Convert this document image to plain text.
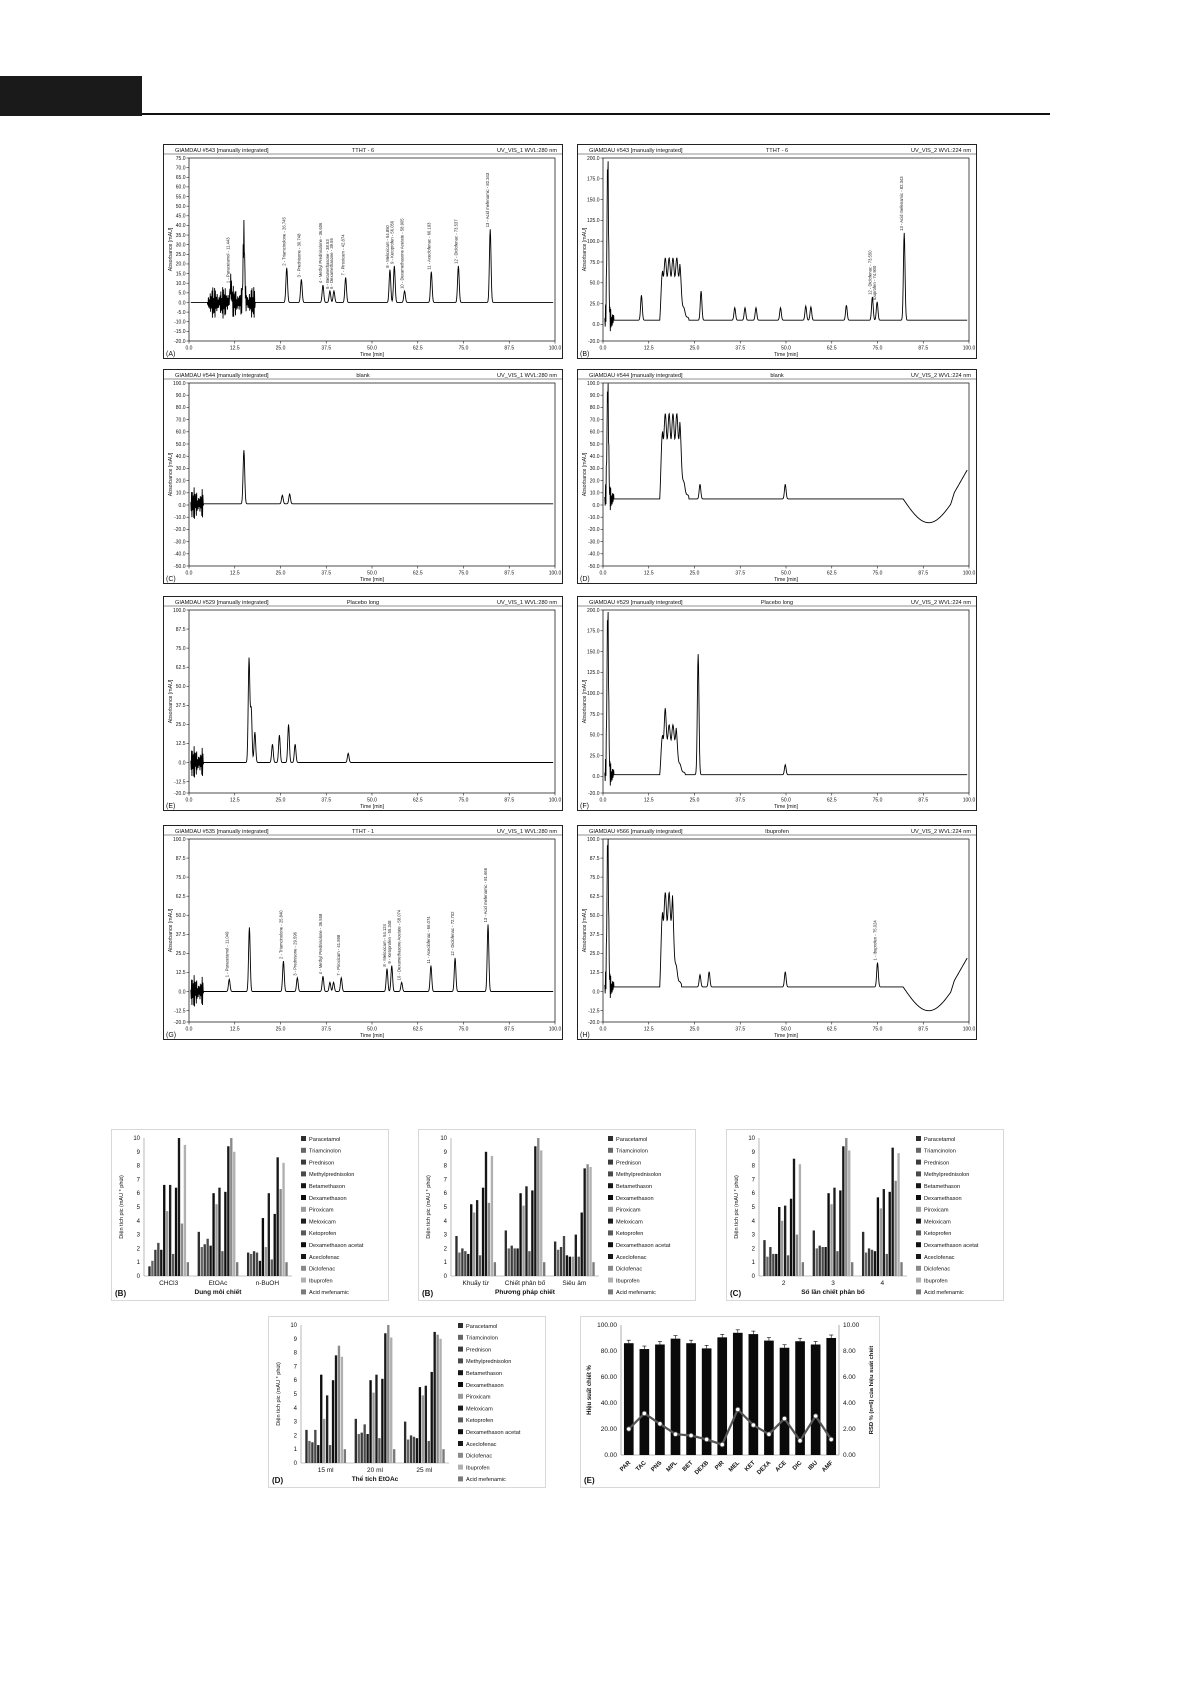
GIAMDAU #543 [manually integrated]	TTHT - 6	UV_VIS_1 WVL:280 nm
-20.0
-15.0
-10.0
-5.0
0.0
5.0
10.0
15.0
20.0
25.0
30.0
35.0
40.0
45.0
50.0
55.0
60.0
65.0
70.0
75.0
0.0	12.5	25.0	37.5	50.0	62.5	75.0	87.5	100.0
Absorbance [mAU]
Time [min]
(A)
1 - Paracetamol - 11.443	2 - Triamcinolone - 26.745 3 - Prednisone - 30.748	4 - Methyl Prednisolone - 36.606 5 - Betamethasone - 38.53 6 - Dexamethasone - 39.55 7 - Piroxicam - 42.874	8 - Meloxicam - 54.850 9 - Ketoprofen - 56.056 10 - Dexamethasone Acetate - 58.905	11 - Aceclofenac - 66.193	12 - Diclofenac - 73.537
13 - Acid mefenamic - 82.343
GIAMDAU #543 [manually integrated]	TTHT - 6	UV_VIS_2 WVL:224 nm
-20.0
0.0
25.0
50.0
75.0
100.0
125.0
150.0
175.0
200.0
0.0	12.5	25.0	37.5	50.0	62.5	75.0	87.5	100.0
Absorbance [mAU]
Time [min]
(B)
12 - Diclofenac - 73.550 Ibuprofen - 74.900
13 - Acid mefenamic - 82.343
GIAMDAU #544 [manually integrated]	blank	UV_VIS_1 WVL:280 nm
-50.0
-40.0
-30.0
-20.0
-10.0
0.0
10.0
20.0
30.0
40.0
50.0
60.0
70.0
80.0
90.0
100.0
0.0	12.5	25.0	37.5	50.0	62.5	75.0	87.5	100.0
Absorbance [mAU]
Time [min]
(C)
GIAMDAU #544 [manually integrated]	blank	UV_VIS_2 WVL:224 nm
-50.0
-40.0
-30.0
-20.0
-10.0
0.0
10.0
20.0
30.0
40.0
50.0
60.0
70.0
80.0
90.0
100.0
0.0	12.5	25.0	37.5	50.0	62.5	75.0	87.5	100.0
Absorbance [mAU]
Time [min]
(D)
GIAMDAU #529 [manually integrated]	Placebo long	UV_VIS_1 WVL:280 nm
-20.0
-12.5
0.0
12.5
25.0
37.5
50.0
62.5
75.0
87.5
100.0
0.0	12.5	25.0	37.5	50.0	62.5	75.0	87.5	100.0
Absorbance [mAU]
Time [min]
(E)
GIAMDAU #529 [manually integrated]	Placebo long	UV_VIS_2 WVL:224 nm
-20.0
0.0
25.0
50.0
75.0
100.0
125.0
150.0
175.0
200.0
0.0	12.5	25.0	37.5	50.0	62.5	75.0	87.5	100.0
Absorbance [mAU]
Time [min]
(F)
GIAMDAU #535 [manually integrated]	TTHT - 1	UV_VIS_1 WVL:280 nm
-20.0
-12.5
0.0
12.5
25.0
37.5
50.0
62.5
75.0
87.5
100.0
0.0	12.5	25.0	37.5	50.0	62.5	75.0	87.5	100.0
Absorbance [mAU]
Time [min]
(G)
1 - Paracetamol - 11.049	2 - Triamcinolone - 25.840 3 - Prednisone - 29.596	4 - Methyl Prednisolone - 36.558	7 - Piroxicam - 41.598	8 - Meloxicam - 54.124 9 - Ketoprofen - 55.348 10 - Dexamethasone Acetate - 58.074	11 - Aceclofenac - 66.074	12 - Diclofenac - 72.702
13 - Acid mefenamic - 81.666
GIAMDAU #566 [manually integrated]	Ibuprofen	UV_VIS_2 WVL:224 nm
-20.0
-12.5
0.0
12.5
25.0
37.5
50.0
62.5
75.0
87.5
100.0
0.0	12.5	25.0	37.5	50.0	62.5	75.0	87.5	100.0
Absorbance [mAU]
Time [min]
(H)
1 - Ibuprofen - 75.024
0
1
2
3
4
5
6
7
8
9
10
Diện tích pic (mAU * phút)
CHCl3	EtOAc	n-BuOH
Dung môi chiết
(B)
Paracetamol
Triamcinolon
Prednison
Methylprednisolon
Betamethason
Dexamethason
Piroxicam
Meloxicam
Ketoprofen
Dexamethason acetat
Aceclofenac
Diclofenac
Ibuprofen
Acid mefenamic
0
1
2
3
4
5
6
7
8
9
10
Diện tích pic (mAU * phút)
Khuấy từ Chiết phân bố	Siêu âm
Phương pháp chiết
(B)
Paracetamol
Triamcinolon
Prednison
Methylprednisolon
Betamethason
Dexamethason
Piroxicam
Meloxicam
Ketoprofen
Dexamethason acetat
Aceclofenac
Diclofenac
Ibuprofen
Acid mefenamic
0
1
2
3
4
5
6
7
8
9
10
Diện tích pic (mAU * phút)
2	3	4
Số lần chiết phân bố
(C)
Paracetamol
Triamcinolon
Prednison
Methylprednisolon
Betamethason
Dexamethason
Piroxicam
Meloxicam
Ketoprofen
Dexamethason acetat
Aceclofenac
Diclofenac
Ibuprofen
Acid mefenamic
0
1
2
3
4
5
6
7
8
9
10
Diện tích pic (mAU * phút)
15 ml	20 ml	25 ml
Thể tích EtOAc
(D)
Paracetamol
Triamcinolon
Prednison
Methylprednisolon
Betamethason
Dexamethason
Piroxicam
Meloxicam
Ketoprofen
Dexamethason acetat
Aceclofenac
Diclofenac
Ibuprofen
Acid mefenamic
0.00
20.00
40.00
60.00
80.00
100.00
0.00
2.00
4.00
6.00
8.00
10.00
Hiệu suất chiết %	RSD % (n=6) của hiệu suất chiết
PAR TAC PNS MPL BET DEXB PIR MEL KET DEXA ACE DIC IBU AMF
(E)
